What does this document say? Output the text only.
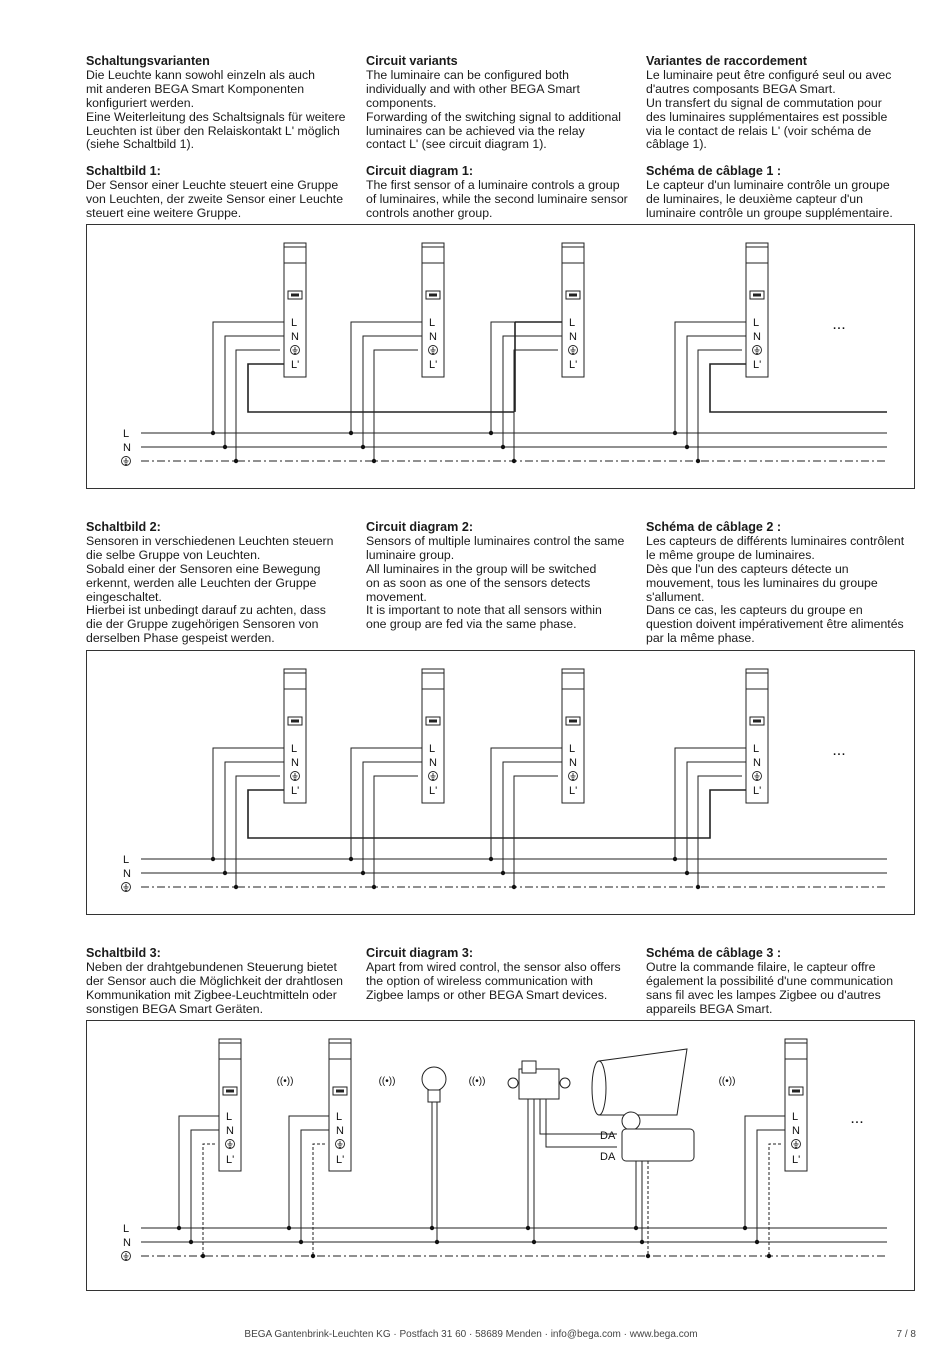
Schaltungsvarianten

Die Leuchte kann sowohl einzeln als auch

mit anderen BEGA Smart Komponenten

konfiguriert werden.

Eine Weiterleitung des Schaltsignals für weitere

Leuchten ist über den Relaiskontakt L' möglich

(siehe Schaltbild 1).

Circuit variants

The luminaire can be configured both

individually and with other BEGA Smart

components.

Forwarding of the switching signal to additional

luminaires can be achieved via the relay

contact L' (see circuit diagram 1).

Variantes de raccordement

Le luminaire peut être configuré seul ou avec

d'autres composants BEGA Smart.

Un transfert du signal de commutation pour

des luminaires supplémentaires est possible

via le contact de relais L' (voir schéma de

câblage 1).

Schaltbild 1:

Der Sensor einer Leuchte steuert eine Gruppe

von Leuchten, der zweite Sensor einer Leuchte

steuert eine weitere Gruppe.

Circuit diagram 1:

The first sensor of a luminaire controls a group

of luminaires, while the second luminaire sensor

controls another group.

Schéma de câblage 1 :

Le capteur d'un luminaire contrôle un groupe

de luminaires, le deuxième capteur d'un

luminaire contrôle un groupe supplémentaire.

L
N
...
L
N
L'
L
N
L'
L
N
L'
L
N
L'
Schaltbild 2:

Sensoren in verschiedenen Leuchten steuern

die selbe Gruppe von Leuchten.

Sobald einer der Sensoren eine Bewegung

erkennt, werden alle Leuchten der Gruppe

eingeschaltet.

Hierbei ist unbedingt darauf zu achten, dass

die der Gruppe zugehörigen Sensoren von

derselben Phase gespeist werden.

Circuit diagram 2:

Sensors of multiple luminaires control the same

luminaire group.

All luminaires in the group will be switched

on as soon as one of the sensors detects

movement.

It is important to note that all sensors within

one group are fed via the same phase.

Schéma de câblage 2 :

Les capteurs de différents luminaires contrôlent

le même groupe de luminaires.

Dès que l'un des capteurs détecte un

mouvement, tous les luminaires du groupe

s'allument.

Dans ce cas, les capteurs du groupe en

question doivent impérativement être alimentés

par la même phase.

L
N
...
L
N
L'
L
N
L'
L
N
L'
L
N
L'
Schaltbild 3:

Neben der drahtgebundenen Steuerung bietet

der Sensor auch die Möglichkeit der drahtlosen

Kommunikation mit Zigbee-Leuchtmitteln oder

sonstigen BEGA Smart Geräten.

Circuit diagram 3:

Apart from wired control, the sensor also offers

the option of wireless communication with

Zigbee lamps or other BEGA Smart devices.

Schéma de câblage 3 :

Outre la commande filaire, le capteur offre

également la possibilité d'une communication

sans fil avec les lampes Zigbee ou d'autres

appareils BEGA Smart.

L
N
L
N
L'
L
N
L'
L
N
L'
...
((•))	((•))	((•))	((•))
DA
DA
BEGA Gantenbrink-Leuchten KG · Postfach 31 60 · 58689 Menden · info@bega.com · www.bega.com	7 / 8
